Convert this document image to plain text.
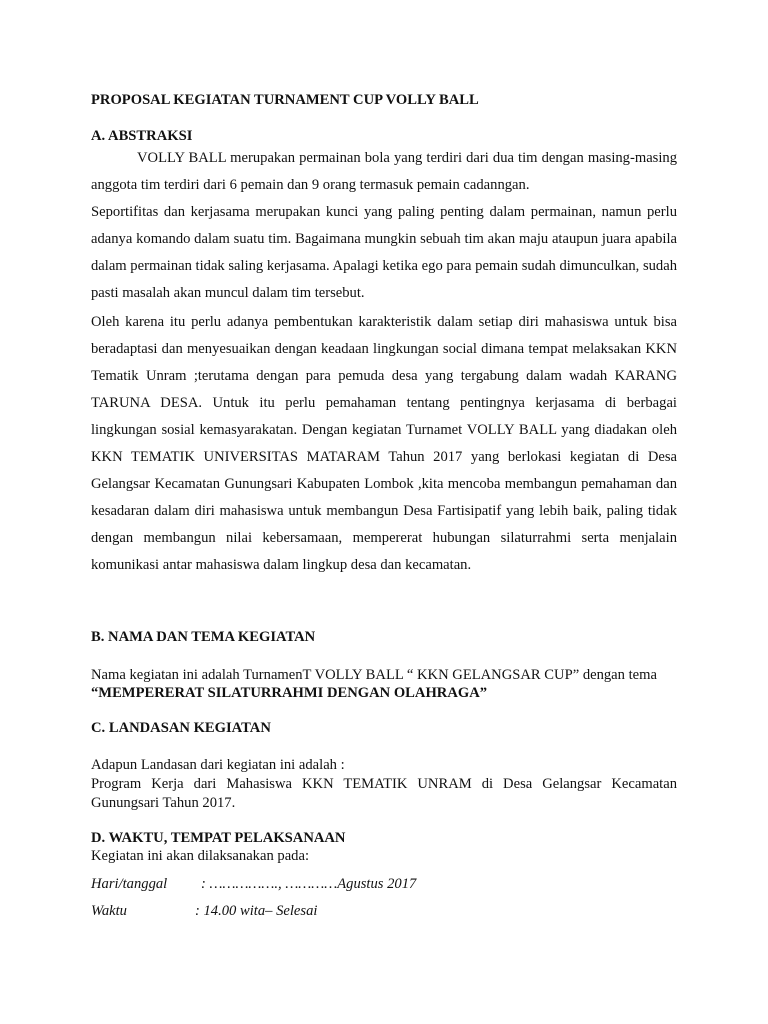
PROPOSAL KEGIATAN TURNAMENT CUP VOLLY BALL
A. ABSTRAKSI
VOLLY BALL merupakan permainan bola yang terdiri dari dua tim dengan masing-masing anggota tim terdiri dari 6 pemain dan 9 orang termasuk pemain cadanngan.
Seportifitas dan kerjasama merupakan kunci yang paling penting dalam permainan, namun perlu adanya komando dalam suatu tim. Bagaimana mungkin sebuah tim akan maju ataupun juara apabila dalam permainan tidak saling kerjasama. Apalagi ketika ego para pemain sudah dimunculkan, sudah pasti masalah akan muncul dalam tim tersebut.
Oleh karena itu perlu adanya pembentukan karakteristik dalam setiap diri mahasiswa untuk bisa beradaptasi dan menyesuaikan dengan keadaan lingkungan social dimana tempat melaksakan KKN Tematik Unram ;terutama dengan para pemuda desa yang tergabung dalam wadah KARANG TARUNA DESA. Untuk itu perlu pemahaman tentang pentingnya kerjasama di berbagai lingkungan sosial kemasyarakatan. Dengan kegiatan Turnamet VOLLY BALL yang diadakan oleh KKN TEMATIK UNIVERSITAS MATARAM Tahun 2017 yang berlokasi kegiatan di Desa Gelangsar Kecamatan Gunungsari Kabupaten Lombok ,kita mencoba membangun pemahaman dan kesadaran dalam diri mahasiswa untuk membangun Desa Fartisipatif yang lebih baik, paling tidak dengan membangun nilai kebersamaan, mempererat hubungan silaturrahmi serta menjalain komunikasi antar mahasiswa dalam lingkup desa dan kecamatan.
B. NAMA DAN TEMA KEGIATAN
Nama kegiatan ini adalah TurnamenT VOLLY BALL “ KKN GELANGSAR CUP” dengan tema
“MEMPERERAT SILATURRAHMI DENGAN OLAHRAGA”
C. LANDASAN KEGIATAN
Adapun Landasan dari kegiatan ini adalah :
Program Kerja dari Mahasiswa KKN TEMATIK UNRAM di Desa Gelangsar Kecamatan Gunungsari Tahun 2017.
D. WAKTU, TEMPAT PELAKSANAAN
Kegiatan ini akan dilaksanakan pada:
Hari/tanggal : ……………., …………Agustus 2017
Waktu	: 14.00 wita– Selesai
